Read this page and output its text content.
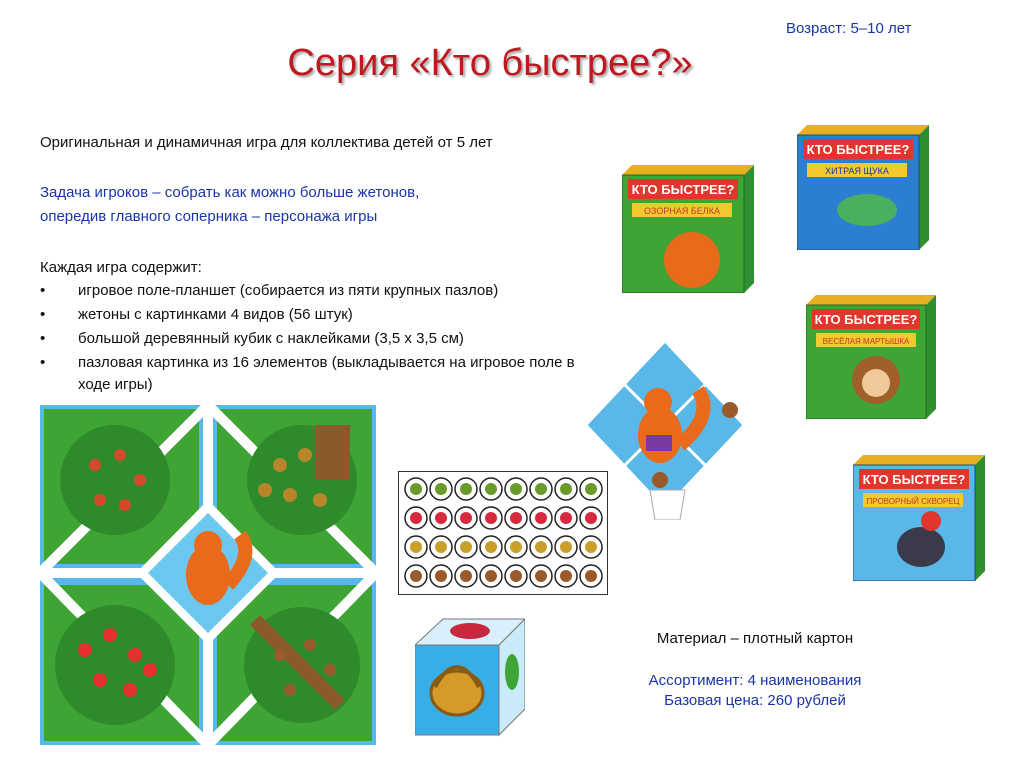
Возраст: 5–10 лет
Серия «Кто быстрее?»
Оригинальная и динамичная игра для коллектива детей от 5 лет
Задача игроков – собрать как можно больше жетонов,
опередив главного соперника – персонажа игры
Каждая игра содержит:
• игровое поле-планшет (собирается из пяти крупных пазлов)
• жетоны с картинками 4 видов (56 штук)
• большой деревянный кубик с наклейками (3,5 х 3,5 см)
• пазловая картинка из 16 элементов (выкладывается на игровое поле в ходе игры)
Материал – плотный картон
Ассортимент: 4 наименования
Базовая цена: 260 рублей
КТО БЫСТРЕЕ?
ОЗОРНАЯ БЕЛКА
КТО БЫСТРЕЕ?
ХИТРАЯ ЩУКА
КТО БЫСТРЕЕ?
ВЕСЁЛАЯ МАРТЫШКА
КТО БЫСТРЕЕ?
ПРОВОРНЫЙ СКВОРЕЦ
